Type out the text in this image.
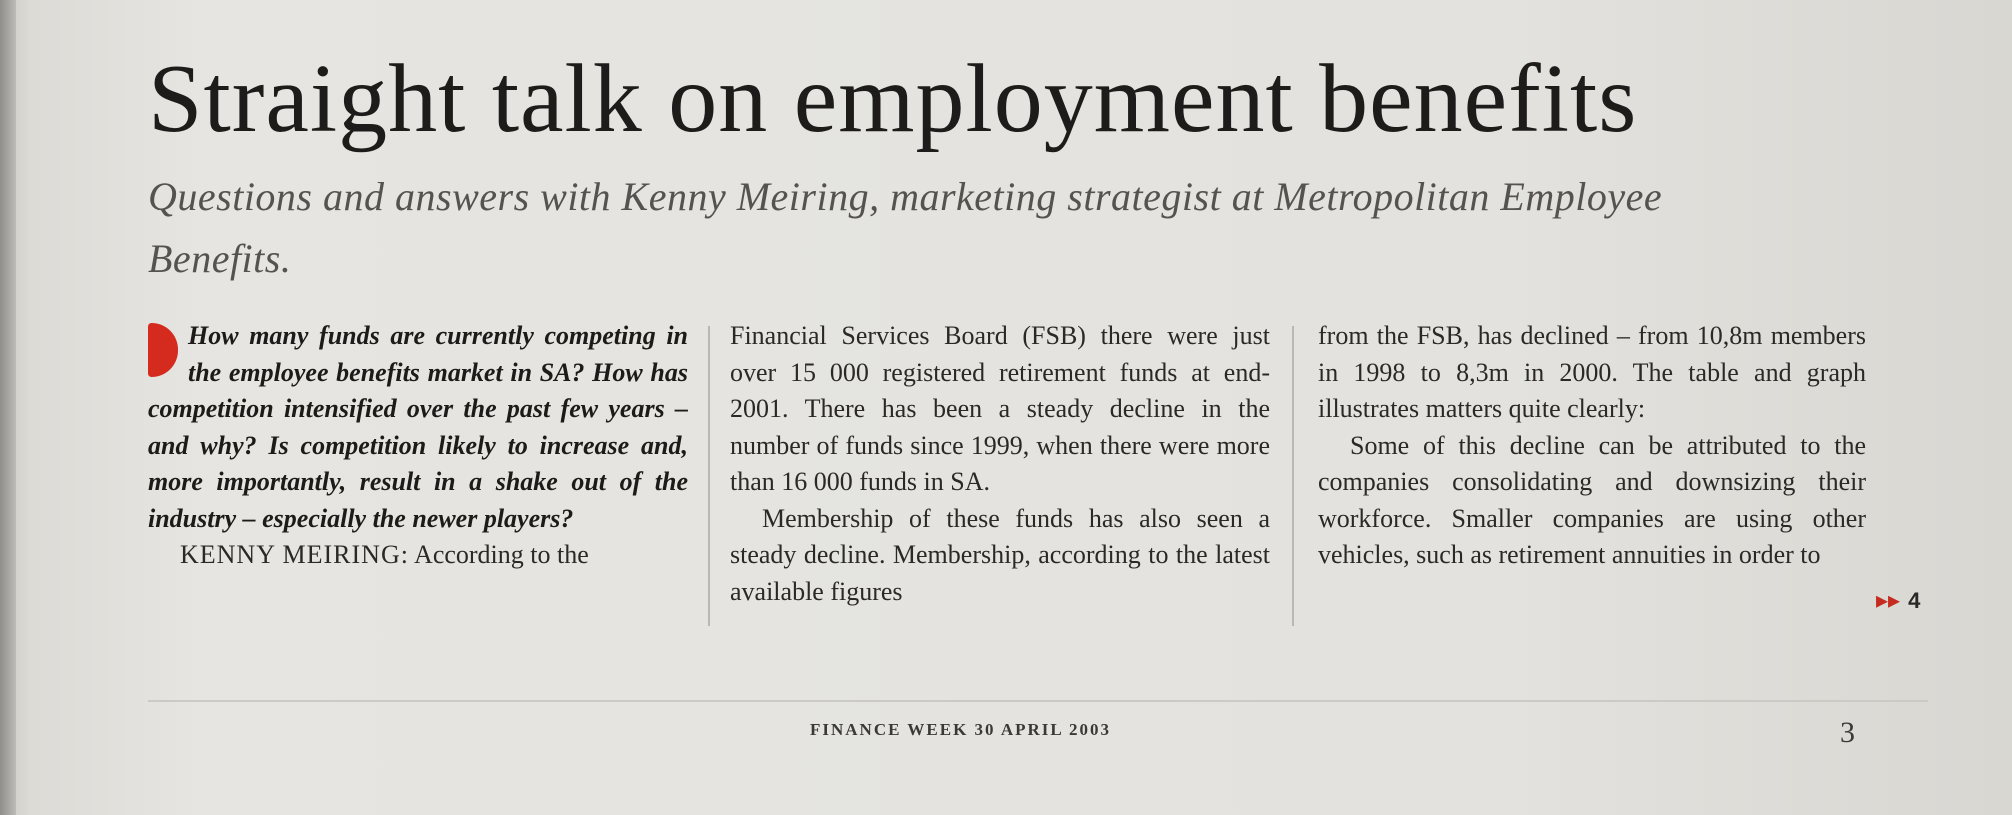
Straight talk on employment benefits

Questions and answers with Kenny Meiring, marketing strategist at Metropolitan Employee Benefits.

How many funds are currently competing in the employee benefits market in SA? How has competition intensified over the past few years – and why? Is competition likely to increase and, more importantly, result in a shake out of the industry – especially the newer players?

KENNY MEIRING: According to the

Financial Services Board (FSB) there were just over 15 000 registered retirement funds at end-2001. There has been a steady decline in the number of funds since 1999, when there were more than 16 000 funds in SA.

Membership of these funds has also seen a steady decline. Membership, according to the latest available figures

from the FSB, has declined – from 10,8m members in 1998 to 8,3m in 2000. The table and graph illustrates matters quite clearly:

Some of this decline can be attributed to the companies consolidating and downsizing their workforce. Smaller companies are using other vehicles, such as retirement annuities in order to

▸▸ 4
FINANCE WEEK 30 APRIL 2003	3
